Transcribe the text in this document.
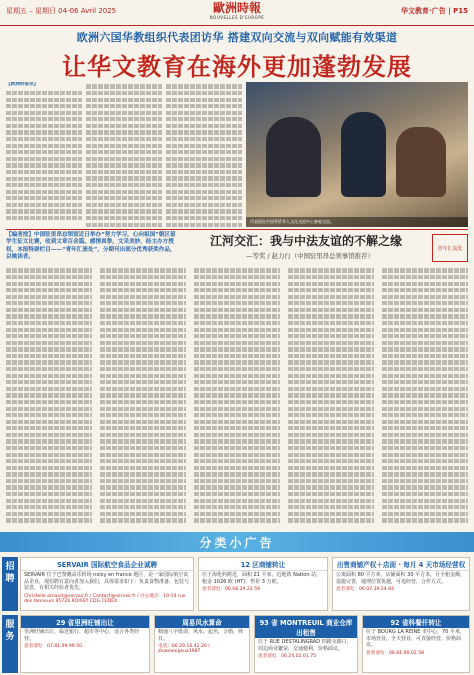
星期五 – 星期日 04-06 Avril 2025	歐洲時報
NOUVELLES D'EUROPE
华文教育·广告 | P15
欧洲六国华教组织代表团访华 搭建双向交流与双向赋能有效渠道
让华文教育在海外更加蓬勃发展
【欧洲时报讯】
代表团在中国华侨华人文化交流中心参观交流。
【编者按】中国驻里昂总领馆近日举办“努力学习，心向祖国”朝区留学生征文比赛，收到文章百余篇。感情真挚，文采美妙，经主办方授权，本报特辟栏目——“青年汇流处”，分期刊出部分优秀获奖作品，以飨读者。
江河交汇：我与中法友谊的不解之缘
—等奖 / 赵力行（中国驻里昂总领事馆推荐）
青年汇流处
分类小广告
招聘
SERVAIR 国际航空食品企业诚聘
SERVAIR 位于巴黎戴高乐机场 noisy en france 地区，是一家国际航空食品企业，现招聘有意向者加入我们，具体要求如下：负责食物准备，包装与装盘，有相关经验者优先。
Christelle.arnault@servair.fr / Contact@servair.fr / 办公地点：10-14 rue des tanneurs 95726 ROISSY CDG CEDEX
12 区商铺转让
位于海伦药附近，面积 21 平米，近地铁 Nation 站，租金 1026 欧 (HT)，售价 3 万欧。
意者请电：06.68.29.22.59
出售商铺产权＋店面 · 每月 4 天市场经营权
公寓面积 80 平方米，店铺面积 30 平方米，月全租金额，设施完善，地理位置优越，可追经营，合作方式。
意者请电：06.07.39.24.64
服务
29 省里洲旺铺出让
里洲旺铺出让，临近银行、超市等中心，适合各类经营。
意者请电：07.81.99.99.50
周易风水算命
精通八字批命，风水，起名，合婚，择日。
电话：06.29.16.42.26 / zhaonongkua1987
93 省 MONTREUIL 商业仓库出租售
位于 RUE DESTALINGRAD 四路交路口，周边商业繁荣，交通便利，价格面议。
意者请电：06.24.02.01.75
92 省科餐仟转让
位于 BOURG LA REINE 市中心，70 平米，市场营业，全天营业，可直接经营，价格面议。
意者请电：06.81.90.02.58
